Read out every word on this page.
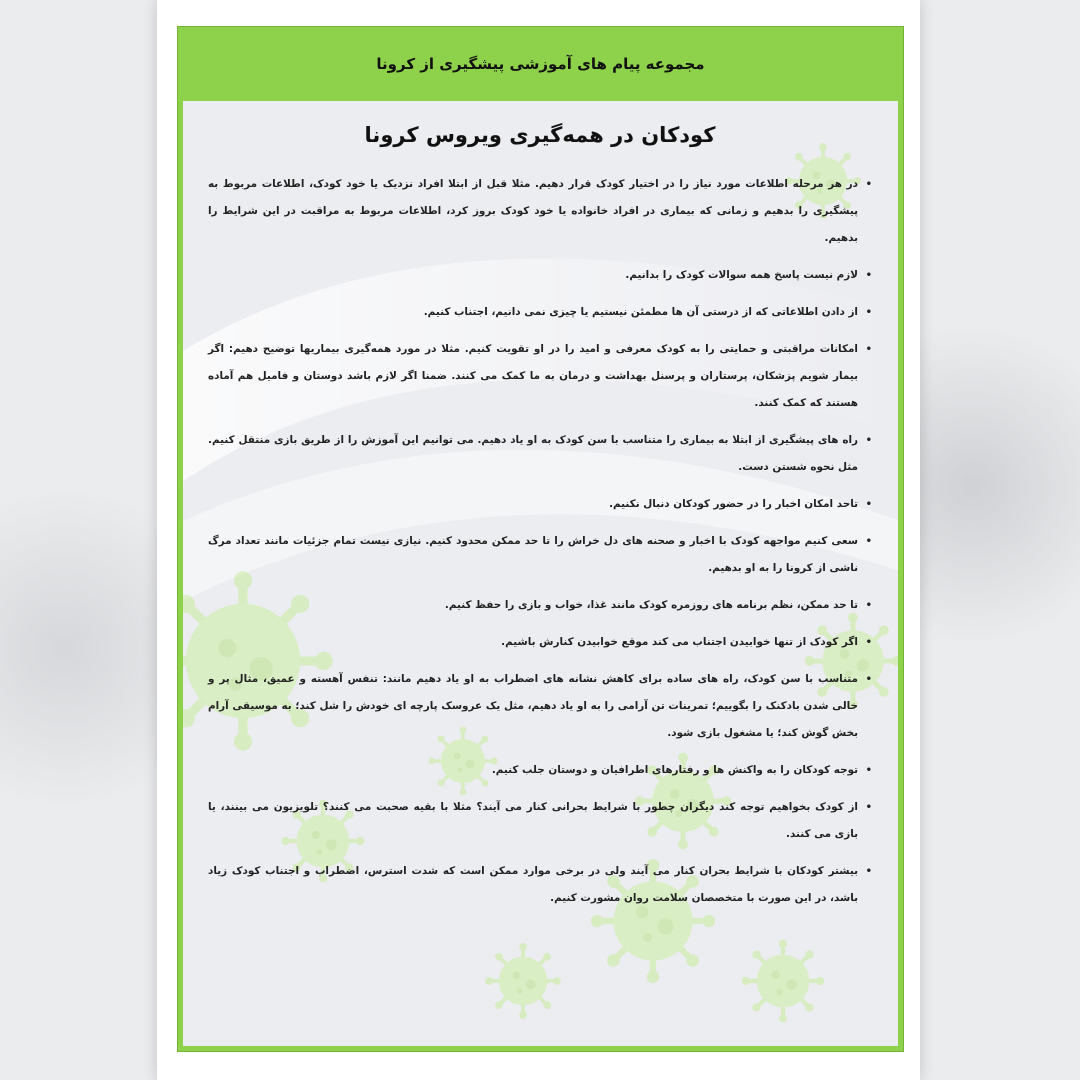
مجموعه پیام های آموزشی پیشگیری از کرونا
کودکان در همه‌گیری ویروس کرونا
•
در هر مرحله اطلاعات مورد نیاز را در اختیار کودک قرار دهیم. مثلا قبل از ابتلا افراد نزدیک یا خود کودک، اطلاعات مربوط به پیشگیری را بدهیم و زمانی که بیماری در افراد خانواده یا خود کودک بروز کرد، اطلاعات مربوط به مراقبت در این شرایط را بدهیم.
•
لازم نیست پاسخ همه سوالات کودک را بدانیم.
•
از دادن اطلاعاتی که از درستی آن ها مطمئن نیستیم یا چیزی نمی دانیم، اجتناب کنیم.
•
امکانات مراقبتی و حمایتی را به کودک معرفی و امید را در او تقویت کنیم. مثلا در مورد همه‌گیری بیماریها توضیح دهیم: اگر بیمار شویم پزشکان، پرستاران و پرسنل بهداشت و درمان به ما کمک می کنند. ضمنا اگر لازم باشد دوستان و فامیل هم آماده هستند که کمک کنند.
•
راه های پیشگیری از ابتلا به بیماری را متناسب با سن کودک به او یاد دهیم. می توانیم این آموزش را از طریق بازی منتقل کنیم. مثل نحوه شستن دست.
•
تاحد امکان اخبار را در حضور کودکان دنبال نکنیم.
•
سعی کنیم مواجهه کودک با اخبار و صحنه های دل خراش را تا حد ممکن محدود کنیم. نیازی نیست تمام جزئیات مانند تعداد مرگ ناشی از کرونا را به او بدهیم.
•
تا حد ممکن، نظم برنامه های روزمره کودک مانند غذا، خواب و بازی را حفظ کنیم.
•
اگر کودک از تنها خوابیدن اجتناب می کند موقع خوابیدن کنارش باشیم.
•
متناسب با سن کودک، راه های ساده برای کاهش نشانه های اضطراب به او یاد دهیم مانند: تنفس آهسته و عمیق، مثال پر و خالی شدن بادکنک را بگوییم؛ تمرینات تن آرامی را به او یاد دهیم، مثل یک عروسک پارچه ای خودش را شل کند؛ به موسیقی آرام بخش گوش کند؛ یا مشغول بازی شود.
•
توجه کودکان را به واکنش ها و رفتارهای اطرافیان و دوستان جلب کنیم.
•
از کودک بخواهیم توجه کند دیگران چطور با شرایط بحرانی کنار می آیند؟ مثلا با بقیه صحبت می کنند؟ تلویزیون می بینند، یا بازی می کنند.
•
بیشتر کودکان با شرایط بحران کنار می آیند ولی در برخی موارد ممکن است که شدت استرس، اضطراب و اجتناب کودک زیاد باشد، در این صورت با متخصصان سلامت روان مشورت کنیم.
